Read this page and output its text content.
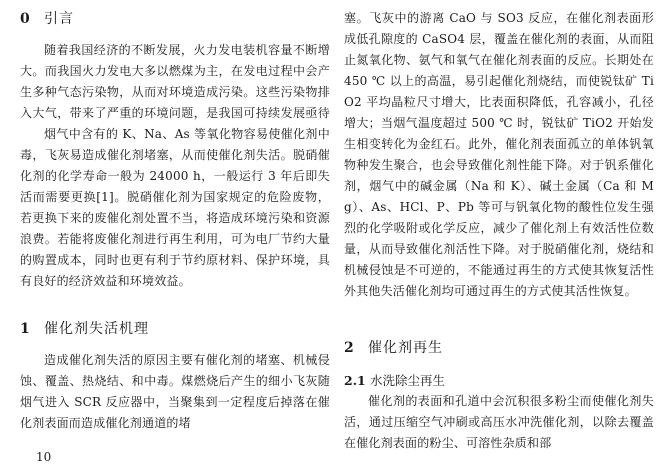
0 引言

随着我国经济的不断发展，火力发电装机容量不断增大。而我国火力发电大多以燃煤为主，在发电过程中会产生多种气态污染物，从而对环境造成污染。这些污染物排入大气，带来了严重的环境问题，是我国可持续发展亟待

烟气中含有的 K、Na、As 等氧化物容易使催化剂中毒，飞灰易造成催化剂堵塞，从而使催化剂失活。脱硝催化剂的化学寿命一般为 24000 h，一般运行 3 年后即失活而需要更换[1]。脱硝催化剂为国家规定的危险废物，若更换下来的废催化剂处置不当，将造成环境污染和资源浪费。若能将废催化剂进行再生利用，可为电厂节约大量的购置成本，同时也更有利于节约原材料、保护环境，具有良好的经济效益和环境效益。

1 催化剂失活机理

造成催化剂失活的原因主要有催化剂的堵塞、机械侵蚀、覆盖、热烧结、和中毒。煤燃烧后产生的细小飞灰随烟气进入 SCR 反应器中，当聚集到一定程度后掉落在催化剂表面而造成催化剂通道的堵

塞。飞灰中的游离 CaO 与 SO3 反应，在催化剂表面形成低孔隙度的 CaSO4 层，覆盖在催化剂的表面，从而阻止氮氧化物、氨气和氧气在催化剂表面的反应。长期处在 450 ℃ 以上的高温，易引起催化剂烧结，而使锐钛矿 TiO2 平均晶粒尺寸增大，比表面积降低，孔容减小，孔径增大；当烟气温度超过 500 ℃ 时，锐钛矿 TiO2 开始发生相变转化为金红石。此外，催化剂表面孤立的单体钒氧物种发生聚合，也会导致催化剂性能下降。对于钒系催化剂，烟气中的碱金属（Na 和 K）、碱土金属（Ca 和 Mg）、As、HCl、P、Pb 等可与钒氧化物的酸性位发生强烈的化学吸附或化学反应，减少了催化剂上有效活性位数量，从而导致催化剂活性下降。对于脱硝催化剂，烧结和机械侵蚀是不可逆的，不能通过再生的方式使其恢复活性外其他失活催化剂均可通过再生的方式使其活性恢复。

2 催化剂再生
2.1 水洗除尘再生

催化剂的表面和孔道中会沉积很多粉尘而使催化剂失活，通过压缩空气冲刷或高压水冲洗催化剂，以除去覆盖在催化剂表面的粉尘、可溶性杂质和部

10
